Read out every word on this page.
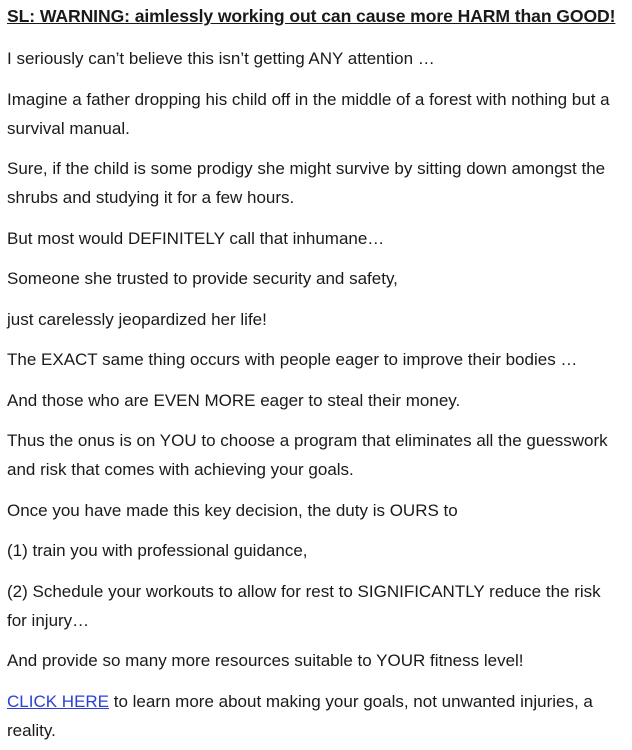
SL: WARNING: aimlessly working out can cause more HARM than GOOD!

I seriously can’t believe this isn’t getting ANY attention …

Imagine a father dropping his child off in the middle of a forest with nothing but a survival manual.

Sure, if the child is some prodigy she might survive by sitting down amongst the shrubs and studying it for a few hours.

But most would DEFINITELY call that inhumane…

Someone she trusted to provide security and safety,

just carelessly jeopardized her life!

The EXACT same thing occurs with people eager to improve their bodies …

And those who are EVEN MORE eager to steal their money.

Thus the onus is on YOU to choose a program that eliminates all the guesswork and risk that comes with achieving your goals.

Once you have made this key decision, the duty is OURS to

(1) train you with professional guidance,

(2) Schedule your workouts to allow for rest to SIGNIFICANTLY reduce the risk for injury…

And provide so many more resources suitable to YOUR fitness level!

CLICK HERE to learn more about making your goals, not unwanted injuries, a reality.
